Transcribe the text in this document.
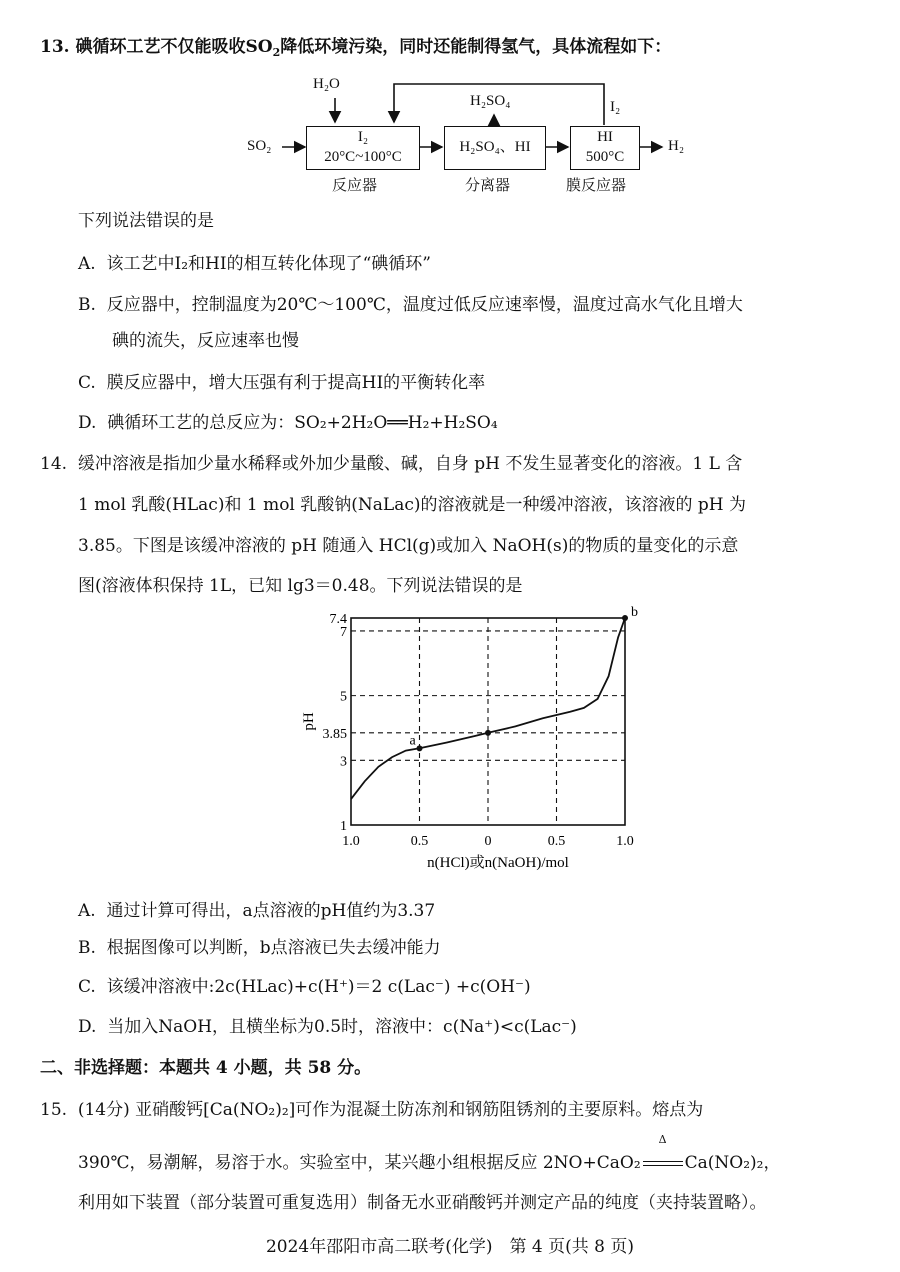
13. 碘循环工艺不仅能吸收$SO_2$降低环境污染，同时还能制得氢气，具体流程如下：
H₂O
SO₂
I₂
20°C~100°C
反应器
H₂SO₄
H₂SO₄、HI
分离器
I₂
HI
500°C
膜反应器
H₂
下列说法错误的是
A. 该工艺中I₂和HI的相互转化体现了“碘循环”
B. 反应器中，控制温度为20℃～100℃，温度过低反应速率慢，温度过高水气化且增大
碘的流失，反应速率也慢
C. 膜反应器中，增大压强有利于提高HI的平衡转化率
D. 碘循环工艺的总反应为：SO₂+2H₂O══H₂+H₂SO₄
14. 缓冲溶液是指加少量水稀释或外加少量酸、碱，自身 pH 不发生显著变化的溶液。1 L 含
1 mol 乳酸(HLac)和 1 mol 乳酸钠(NaLac)的溶液就是一种缓冲溶液，该溶液的 pH 为
3.85。下图是该缓冲溶液的 pH 随通入 HCl(g)或加入 NaOH(s)的物质的量变化的示意
图(溶液体积保持 1L，已知 lg3＝0.48。下列说法错误的是
1
3
3.85
5
7
7.4
1.0	0.5	0	0.5	1.0
pH
n(HCl)或n(NaOH)/mol
a
b
A. 通过计算可得出，a点溶液的pH值约为3.37
B. 根据图像可以判断，b点溶液已失去缓冲能力
C. 该缓冲溶液中:2c(HLac)+c(H⁺)＝2 c(Lac⁻) +c(OH⁻)
D. 当加入NaOH，且横坐标为0.5时，溶液中：c(Na⁺)<c(Lac⁻)
二、非选择题：本题共 4 小题，共 58 分。
15. (14分) 亚硝酸钙[Ca(NO₂)₂]可作为混凝土防冻剂和钢筋阻锈剂的主要原料。熔点为
390℃，易潮解，易溶于水。实验室中，某兴趣小组根据反应 2NO+CaO₂
Δ
Ca(NO₂)₂，
利用如下装置（部分装置可重复选用）制备无水亚硝酸钙并测定产品的纯度（夹持装置略）。
2024年邵阳市高二联考(化学)　第 4 页(共 8 页)
